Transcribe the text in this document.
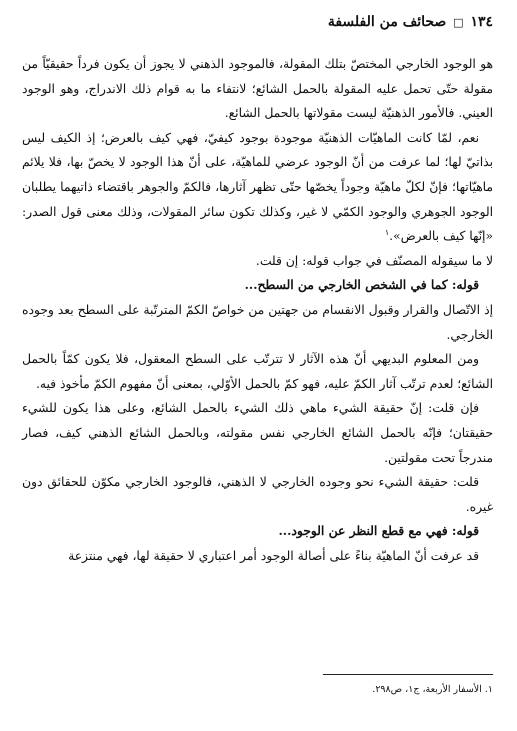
١٣٤ □ صحائف من الفلسفة

هو الوجود الخارجي المختصّ بتلك المقولة، فالموجود الذهني لا يجوز أن يكون فرداً حقيقيّاً من مقولة حتّى تحمل عليه المقولة بالحمل الشائع؛ لانتفاء ما به قوام ذلك الاندراج، وهو الوجود العيني. فالأمور الذهنيّة ليست مقولاتها بالحمل الشائع.

نعم، لمّا كانت الماهيّات الذهنيّة موجودة بوجود كيفيّ، فهي كيف بالعرض؛ إذ الكيف ليس بذاتيّ لها؛ لما عرفت من أنّ الوجود عرضي للماهيّة، على أنّ هذا الوجود لا يخصّ بها، فلا يلائم ماهيّاتها؛ فإنّ لكلّ ماهيّة وجوداً يخصّها حتّى تظهر آثارها، فالكمّ والجوهر باقتضاء ذاتيهما يطلبان الوجود الجوهري والوجود الكمّي لا غير، وكذلك تكون سائر المقولات، وذلك معنى قول الصدر: «إنّها كيف بالعرض».$^١$

لا ما سيقوله المصنّف في جواب قوله: إن قلت.

قوله: كما في الشخص الخارجي من السطح...

إذ الاتّصال والقرار وقبول الانقسام من جهتين من خواصّ الكمّ المترتّبة على السطح بعد وجوده الخارجي.

ومن المعلوم البديهي أنّ هذه الآثار لا تترتّب على السطح المعقول، فلا يكون كمّاً بالحمل الشائع؛ لعدم ترتّب آثار الكمّ عليه، فهو كمّ بالحمل الأوّلي، بمعنى أنّ مفهوم الكمّ مأخوذ فيه.

فإن قلت: إنّ حقيقة الشيء ماهي ذلك الشيء بالحمل الشائع، وعلى هذا يكون للشيء حقيقتان؛ فإنّه بالحمل الشائع الخارجي نفس مقولته، وبالحمل الشائع الذهني كيف، فصار مندرجاً تحت مقولتين.

قلت: حقيقة الشيء نحو وجوده الخارجي لا الذهني، فالوجود الخارجي مكوّن للحقائق دون غيره.

قوله: فهي مع قطع النظر عن الوجود...

قد عرفت أنّ الماهيّة بناءً على أصالة الوجود أمر اعتباري لا حقيقة لها، فهي منتزعة

١. الأسفار الأربعة، ج١، ص٢٩٨.
